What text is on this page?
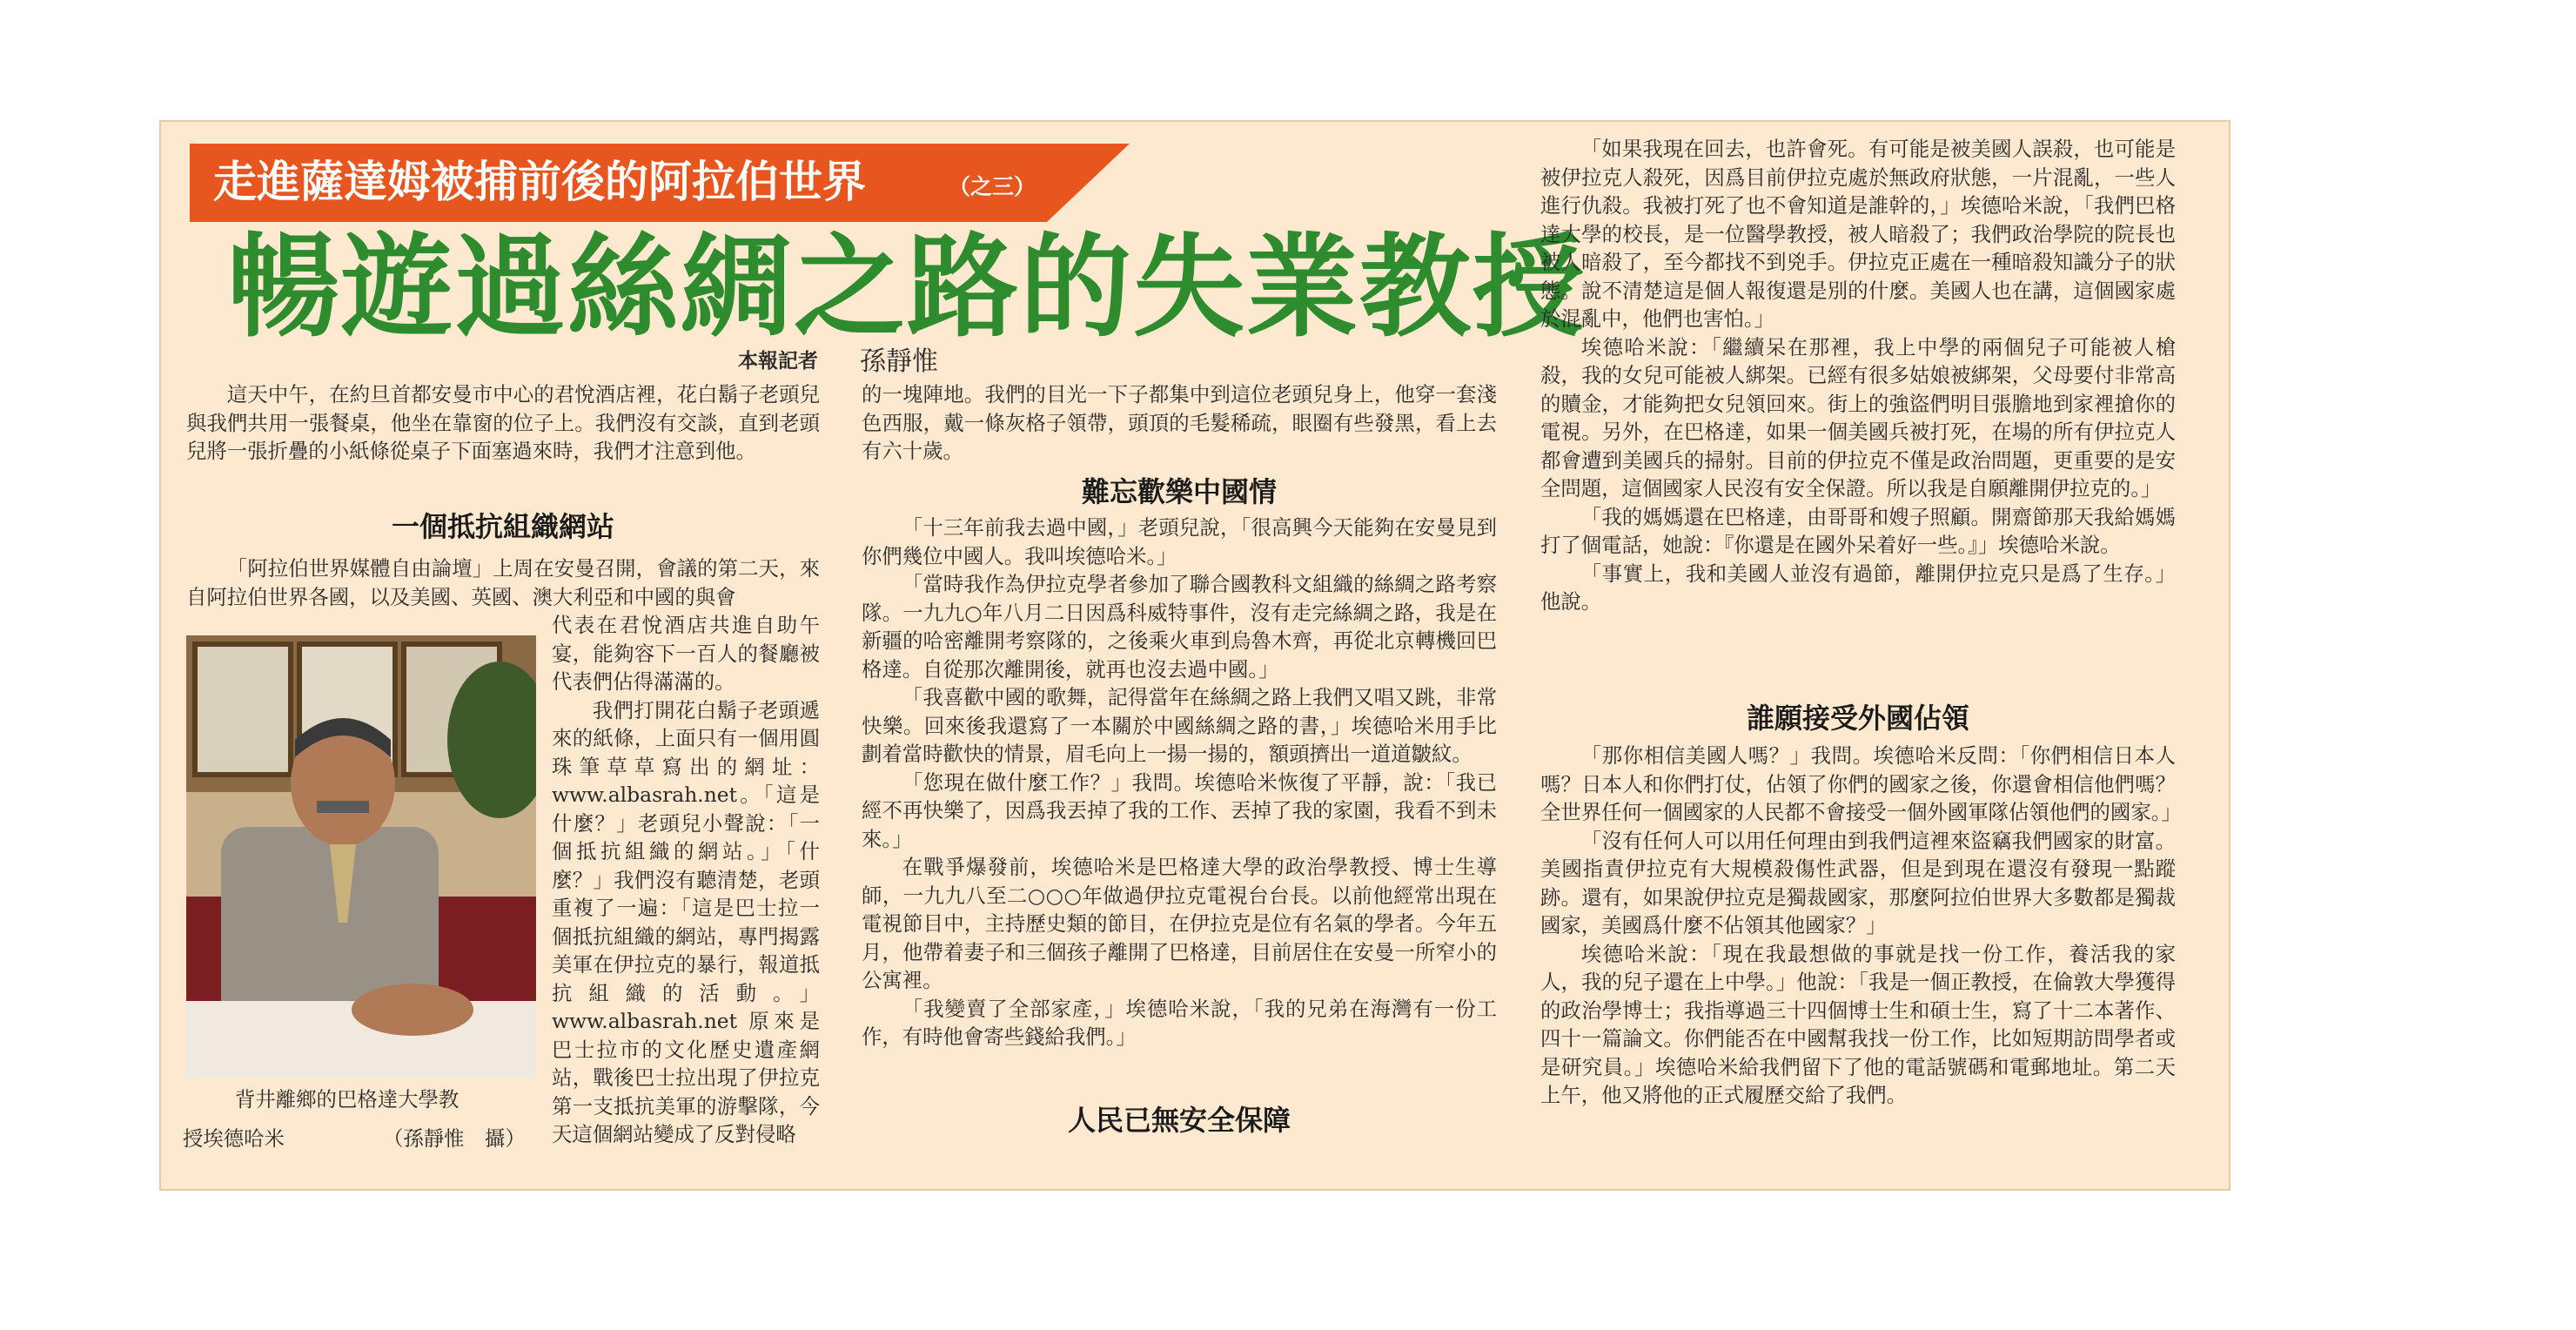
走進薩達姆被捕前後的阿拉伯世界	（之三）
暢遊過絲綢之路的失業教授
本報記者 孫靜惟

這天中午，在約旦首都安曼市中心的君悅酒店裡，花白鬍子老頭兒與我們共用一張餐桌，他坐在靠窗的位子上。我們沒有交談，直到老頭兒將一張折疊的小紙條從桌子下面塞過來時，我們才注意到他。

一個抵抗組織網站

「阿拉伯世界媒體自由論壇」上周在安曼召開，會議的第二天，來自阿拉伯世界各國，以及美國、英國、澳大利亞和中國的與會

代表在君悅酒店共進自助午宴，能夠容下一百人的餐廳被代表們佔得滿滿的。

我們打開花白鬍子老頭遞來的紙條，上面只有一個用圓珠筆草草寫出的網址：www.albasrah.net。「這是什麼？」老頭兒小聲說：「一個抵抗組織的網站。」「什麼？」我們沒有聽清楚，老頭重複了一遍：「這是巴士拉一個抵抗組織的網站，專門揭露美軍在伊拉克的暴行，報道抵抗組織的活動。」www.albasrah.net 原來是巴士拉市的文化歷史遺產網站，戰後巴士拉出現了伊拉克第一支抵抗美軍的游擊隊，今天這個網站變成了反對侵略

背井離鄉的巴格達大學教
授埃德哈米	（孫靜惟　攝）

的一塊陣地。我們的目光一下子都集中到這位老頭兒身上，他穿一套淺色西服，戴一條灰格子領帶，頭頂的毛髮稀疏，眼圈有些發黑，看上去有六十歲。

難忘歡樂中國情

「十三年前我去過中國，」老頭兒說，「很高興今天能夠在安曼見到你們幾位中國人。我叫埃德哈米。」

「當時我作為伊拉克學者參加了聯合國教科文組織的絲綢之路考察隊。一九九○年八月二日因爲科威特事件，沒有走完絲綢之路，我是在新疆的哈密離開考察隊的，之後乘火車到烏魯木齊，再從北京轉機回巴格達。自從那次離開後，就再也沒去過中國。」

「我喜歡中國的歌舞，記得當年在絲綢之路上我們又唱又跳，非常快樂。回來後我還寫了一本關於中國絲綢之路的書，」埃德哈米用手比劃着當時歡快的情景，眉毛向上一揚一揚的，額頭擠出一道道皺紋。

「您現在做什麼工作？」我問。埃德哈米恢復了平靜，說：「我已經不再快樂了，因爲我丟掉了我的工作、丟掉了我的家園，我看不到未來。」

在戰爭爆發前，埃德哈米是巴格達大學的政治學教授、博士生導師，一九九八至二○○○年做過伊拉克電視台台長。以前他經常出現在電視節目中，主持歷史類的節目，在伊拉克是位有名氣的學者。今年五月，他帶着妻子和三個孩子離開了巴格達，目前居住在安曼一所窄小的公寓裡。

「我變賣了全部家產，」埃德哈米說，「我的兄弟在海灣有一份工作，有時他會寄些錢給我們。」

人民已無安全保障

「如果我現在回去，也許會死。有可能是被美國人誤殺，也可能是被伊拉克人殺死，因爲目前伊拉克處於無政府狀態，一片混亂，一些人進行仇殺。我被打死了也不會知道是誰幹的，」埃德哈米說，「我們巴格達大學的校長，是一位醫學教授，被人暗殺了；我們政治學院的院長也被人暗殺了，至今都找不到兇手。伊拉克正處在一種暗殺知識分子的狀態。說不清楚這是個人報復還是別的什麼。美國人也在講，這個國家處於混亂中，他們也害怕。」

埃德哈米說：「繼續呆在那裡，我上中學的兩個兒子可能被人槍殺，我的女兒可能被人綁架。已經有很多姑娘被綁架，父母要付非常高的贖金，才能夠把女兒領回來。街上的強盜們明目張膽地到家裡搶你的電視。另外，在巴格達，如果一個美國兵被打死，在場的所有伊拉克人都會遭到美國兵的掃射。目前的伊拉克不僅是政治問題，更重要的是安全問題，這個國家人民沒有安全保證。所以我是自願離開伊拉克的。」

「我的媽媽還在巴格達，由哥哥和嫂子照顧。開齋節那天我給媽媽打了個電話，她說：『你還是在國外呆着好一些。』」埃德哈米說。

「事實上，我和美國人並沒有過節，離開伊拉克只是爲了生存。」他說。

誰願接受外國佔領

「那你相信美國人嗎？」我問。埃德哈米反問：「你們相信日本人嗎？日本人和你們打仗，佔領了你們的國家之後，你還會相信他們嗎？全世界任何一個國家的人民都不會接受一個外國軍隊佔領他們的國家。」

「沒有任何人可以用任何理由到我們這裡來盜竊我們國家的財富。美國指責伊拉克有大規模殺傷性武器，但是到現在還沒有發現一點蹤跡。還有，如果說伊拉克是獨裁國家，那麼阿拉伯世界大多數都是獨裁國家，美國爲什麼不佔領其他國家？」

埃德哈米說：「現在我最想做的事就是找一份工作，養活我的家人，我的兒子還在上中學。」他說：「我是一個正教授，在倫敦大學獲得的政治學博士；我指導過三十四個博士生和碩士生，寫了十二本著作、四十一篇論文。你們能否在中國幫我找一份工作，比如短期訪問學者或是研究員。」埃德哈米給我們留下了他的電話號碼和電郵地址。第二天上午，他又將他的正式履歷交給了我們。
